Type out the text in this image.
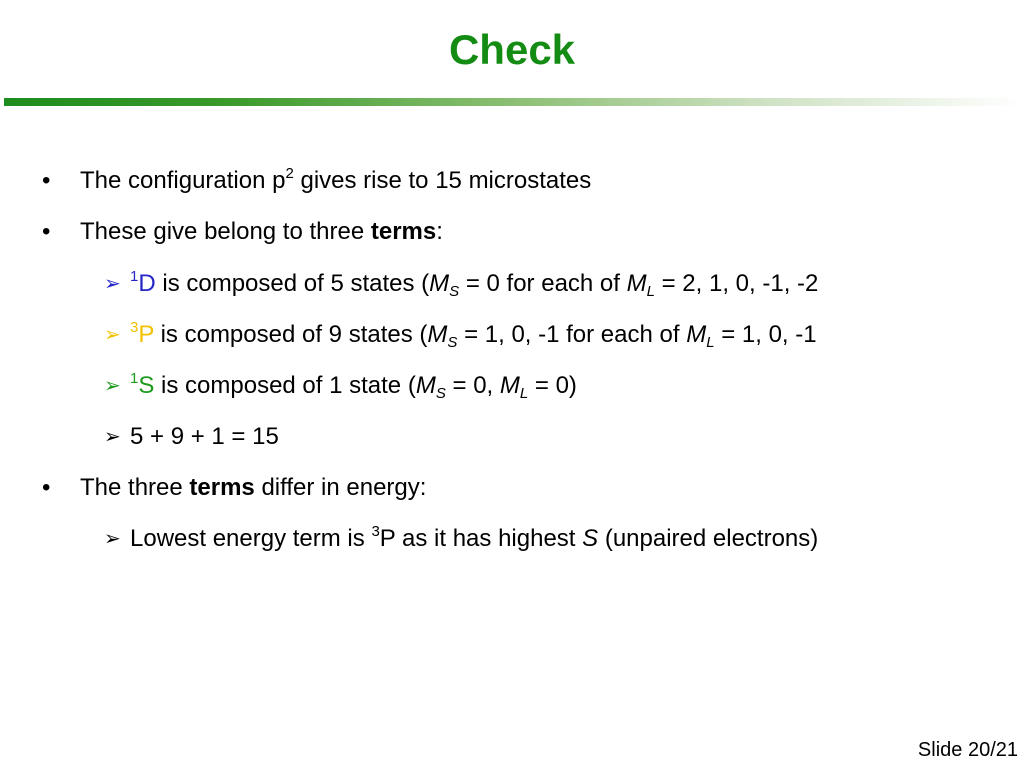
Check
• The configuration $p^2$ gives rise to 15 microstates
• These give belong to three terms:
➢ $^1$D is composed of 5 states ($M_S = 0$ for each of $M_L = 2$, 1, 0, -1, -2
➢ $^3$P is composed of 9 states ($M_S = 1$, 0, -1 for each of $M_L = 1$, 0, -1
➢ $^1$S is composed of 1 state ($M_S = 0$, $M_L = 0$)
➢ 5 + 9 + 1 = 15
• The three terms differ in energy:
➢ Lowest energy term is $^3$P as it has highest S (unpaired electrons)
Slide 20/21
